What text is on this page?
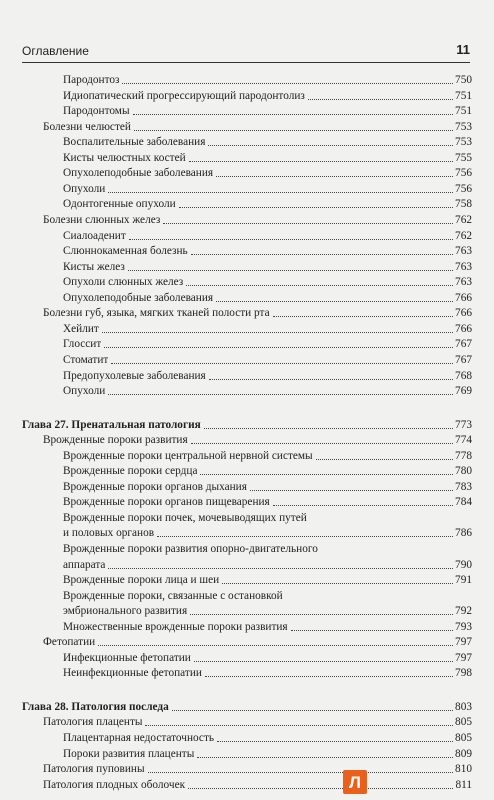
Оглавление	11
Пародонтоз	750
Идиопатический прогрессирующий пародонтолиз	751
Пародонтомы	751
Болезни челюстей	753
Воспалительные заболевания	753
Кисты челюстных костей	755
Опухолеподобные заболевания	756
Опухоли	756
Одонтогенные опухоли	758
Болезни слюнных желез	762
Сиалоаденит	762
Слюннокаменная болезнь	763
Кисты желез	763
Опухоли слюнных желез	763
Опухолеподобные заболевания	766
Болезни губ, языка, мягких тканей полости рта	766
Хейлит	766
Глоссит	767
Стоматит	767
Предопухолевые заболевания	768
Опухоли	769
Глава 27. Пренатальная патология	773
Врожденные пороки развития	774
Врожденные пороки центральной нервной системы	778
Врожденные пороки сердца	780
Врожденные пороки органов дыхания	783
Врожденные пороки органов пищеварения	784
Врожденные пороки почек, мочевыводящих путей
и половых органов	786
Врожденные пороки развития опорно-двигательного
аппарата	790
Врожденные пороки лица и шеи	791
Врожденные пороки, связанные с остановкой
эмбрионального развития	792
Множественные врожденные пороки развития	793
Фетопатии	797
Инфекционные фетопатии	797
Неинфекционные фетопатии	798
Глава 28. Патология последа	803
Патология плаценты	805
Плацентарная недостаточность	805
Пороки развития плаценты	809
Патология пуповины	810
Патология плодных оболочек	811
Л
